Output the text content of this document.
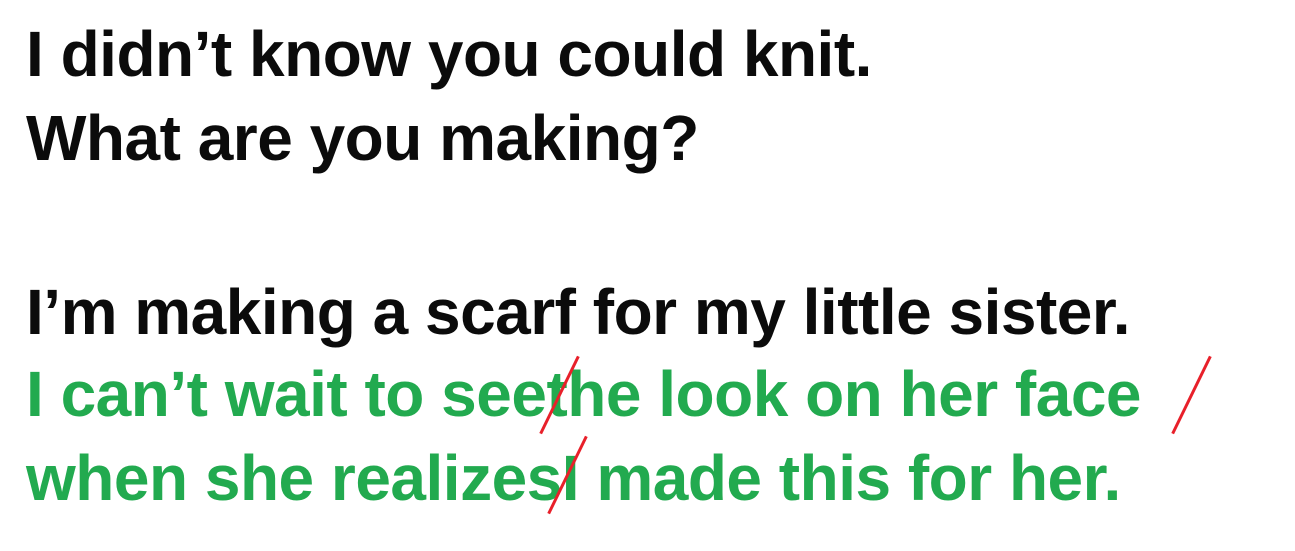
I didn’t know you could knit.
What are you making?
I’m making a scarf for my little sister.
I can’t wait to seethe look on her face
when she realizesI made this for her.
